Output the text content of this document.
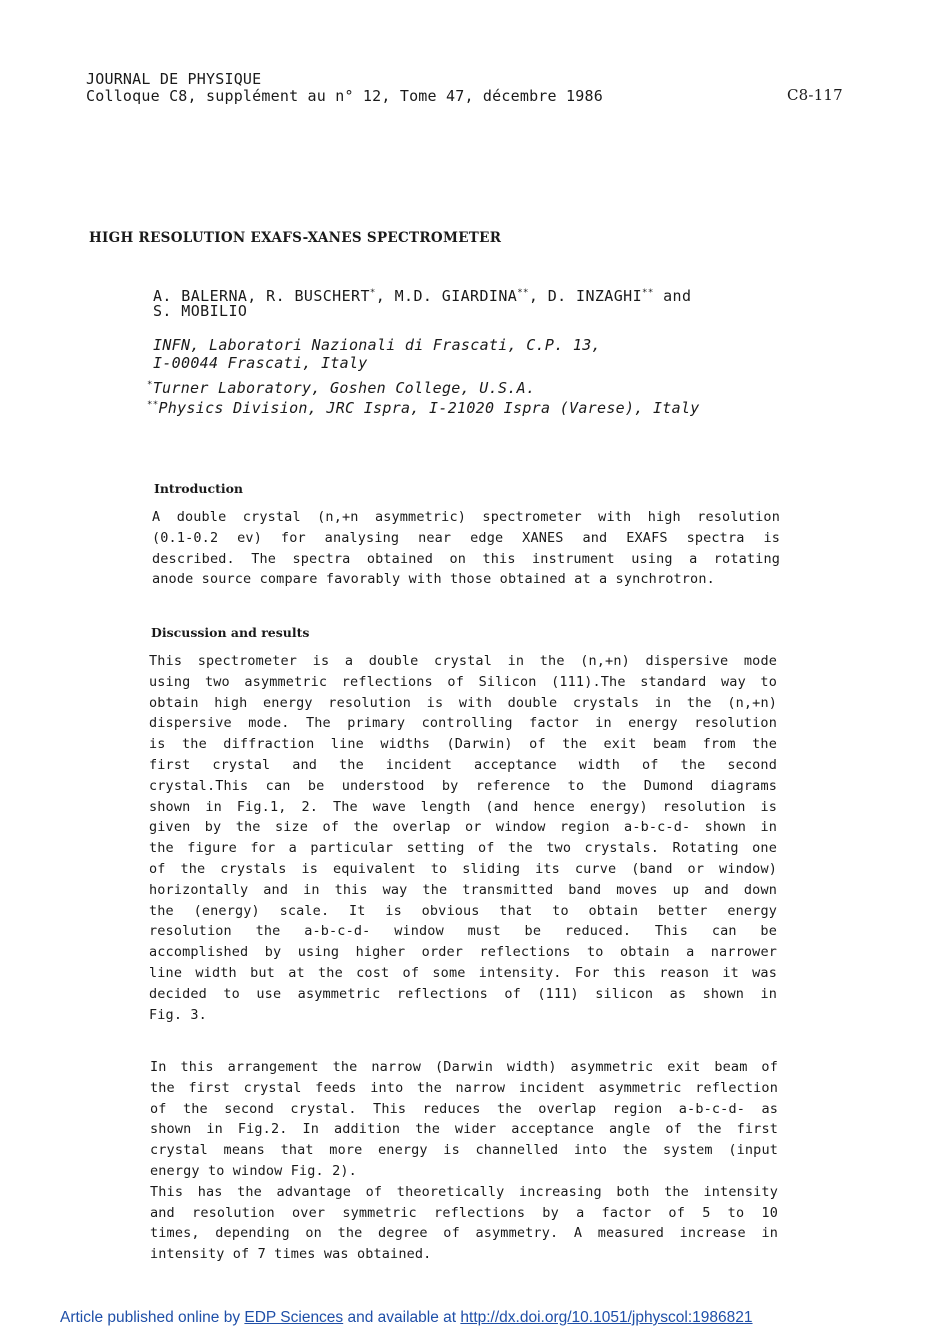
JOURNAL DE PHYSIQUE
Colloque C8, supplément au n° 12, Tome 47, décembre 1986	C8-117
HIGH RESOLUTION EXAFS-XANES SPECTROMETER
A. BALERNA, R. BUSCHERT*, M.D. GIARDINA**, D. INZAGHI** and
S. MOBILIO
INFN, Laboratori Nazionali di Frascati, C.P. 13,
I-00044 Frascati, Italy
*Turner Laboratory, Goshen College, U.S.A.
**Physics Division, JRC Ispra, I-21020 Ispra (Varese), Italy
Introduction
A double crystal (n,+n asymmetric) spectrometer with high resolution
(0.1-0.2 ev) for analysing near edge XANES and EXAFS spectra is
described. The spectra obtained on this instrument using a rotating
anode source compare favorably with those obtained at a synchrotron.
Discussion and results
This spectrometer is a double crystal in the (n,+n) dispersive mode
using two asymmetric reflections of Silicon (111).The standard way to
obtain high energy resolution is with double crystals in the (n,+n)
dispersive mode. The primary controlling factor in energy resolution
is the diffraction line widths (Darwin) of the exit beam from the
first crystal and the incident acceptance width of the second
crystal.This can be understood by reference to the Dumond diagrams
shown in Fig.1, 2. The wave length (and hence energy) resolution is
given by the size of the overlap or window region a-b-c-d- shown in
the figure for a particular setting of the two crystals. Rotating one
of the crystals is equivalent to sliding its curve (band or window)
horizontally and in this way the transmitted band moves up and down
the (energy) scale. It is obvious that to obtain better energy
resolution the a-b-c-d- window must be reduced. This can be
accomplished by using higher order reflections to obtain a narrower
line width but at the cost of some intensity. For this reason it was
decided to use asymmetric reflections of (111) silicon as shown in
Fig. 3.
In this arrangement the narrow (Darwin width) asymmetric exit beam of
the first crystal feeds into the narrow incident asymmetric reflection
of the second crystal. This reduces the overlap region a-b-c-d- as
shown in Fig.2. In addition the wider acceptance angle of the first
crystal means that more energy is channelled into the system (input
energy to window Fig. 2).
This has the advantage of theoretically increasing both the intensity
and resolution over symmetric reflections by a factor of 5 to 10
times, depending on the degree of asymmetry. A measured increase in
intensity of 7 times was obtained.
Article published online by EDP Sciences and available at http://dx.doi.org/10.1051/jphyscol:1986821
